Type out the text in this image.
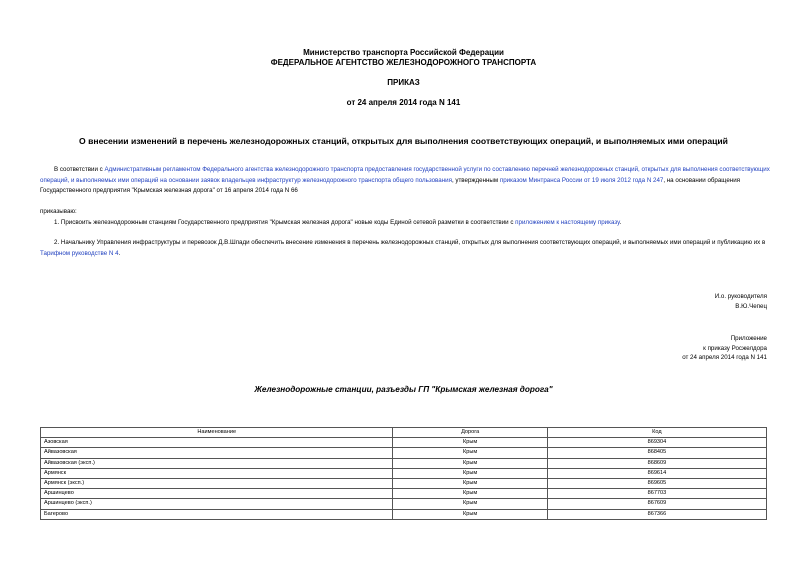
Министерство транспорта Российской Федерации
ФЕДЕРАЛЬНОЕ АГЕНТСТВО ЖЕЛЕЗНОДОРОЖНОГО ТРАНСПОРТА
ПРИКАЗ
от 24 апреля 2014 года N 141
О внесении изменений в перечень железнодорожных станций, открытых для выполнения соответствующих операций, и выполняемых ими операций
В соответствии с Административным регламентом Федерального агентства железнодорожного транспорта предоставления государственной услуги по составлению перечней железнодорожных станций, открытых для выполнения соответствующих операций, и выполняемых ими операций на основании заявок владельцев инфраструктур железнодорожного транспорта общего пользования, утвержденным приказом Минтранса России от 19 июля 2012 года N 247, на основании обращения Государственного предприятия "Крымская железная дорога" от 16 апреля 2014 года N 66
приказываю:
1. Присвоить железнодорожным станциям Государственного предприятия "Крымская железная дорога" новые коды Единой сетевой разметки в соответствии с приложением к настоящему приказу.
2. Начальнику Управления инфраструктуры и перевозок Д.В.Шпади обеспечить внесение изменения в перечень железнодорожных станций, открытых для выполнения соответствующих операций, и выполняемых ими операций и публикацию их в Тарифном руководстве N 4.
И.о. руководителя
В.Ю.Чепец
Приложение
к приказу Росжелдора
от 24 апреля 2014 года N 141
Железнодорожные станции, разъезды ГП "Крымская железная дорога"
Наименование	Дорога	Код
Азовская	Крым	869304
Айвазовская	Крым	868405
Айвазовская (эксп.)	Крым	868609
Армянск	Крым	869614
Армянск (эксп.)	Крым	869605
Аршинцево	Крым	867703
Аршинцево (эксп.)	Крым	867609
Багерово	Крым	867366
